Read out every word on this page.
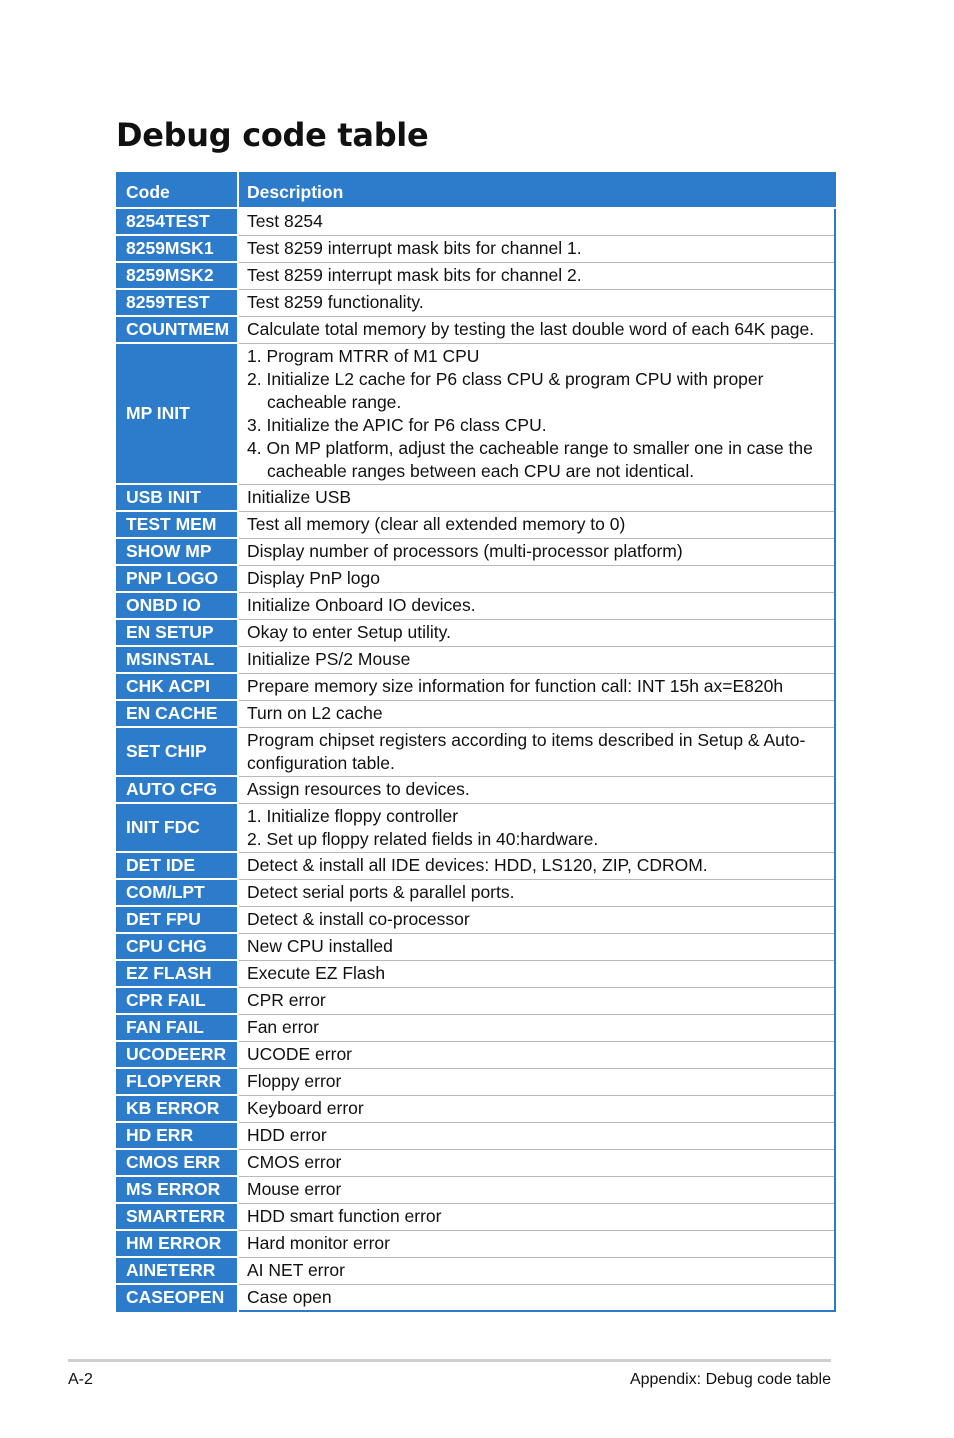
Debug code table
Code	Description
8254TEST	Test 8254
8259MSK1	Test 8259 interrupt mask bits for channel 1.
8259MSK2	Test 8259 interrupt mask bits for channel 2.
8259TEST	Test 8259 functionality.
COUNTMEM	Calculate total memory by testing the last double word of each 64K page.
MP INIT	1. Program MTRR of M1 CPU
2. Initialize L2 cache for P6 class CPU & program CPU with proper cacheable range.
3. Initialize the APIC for P6 class CPU.
4. On MP platform, adjust the cacheable range to smaller one in case the cacheable ranges between each CPU are not identical.

USB INIT	Initialize USB
TEST MEM	Test all memory (clear all extended memory to 0)
SHOW MP	Display number of processors (multi-processor platform)
PNP LOGO	Display PnP logo
ONBD IO	Initialize Onboard IO devices.
EN SETUP	Okay to enter Setup utility.
MSINSTAL	Initialize PS/2 Mouse
CHK ACPI	Prepare memory size information for function call: INT 15h ax=E820h
EN CACHE	Turn on L2 cache
SET CHIP	Program chipset registers according to items described in Setup & Auto-configuration table.
AUTO CFG	Assign resources to devices.
INIT FDC	1. Initialize floppy controller
2. Set up floppy related fields in 40:hardware.

DET IDE	Detect & install all IDE devices: HDD, LS120, ZIP, CDROM.
COM/LPT	Detect serial ports & parallel ports.
DET FPU	Detect & install co-processor
CPU CHG	New CPU installed
EZ FLASH	Execute EZ Flash
CPR FAIL	CPR error
FAN FAIL	Fan error
UCODEERR	UCODE error
FLOPYERR	Floppy error
KB ERROR	Keyboard error
HD ERR	HDD error
CMOS ERR	CMOS error
MS ERROR	Mouse error
SMARTERR	HDD smart function error
HM ERROR	Hard monitor error
AINETERR	AI NET error
CASEOPEN	Case open
A-2	Appendix: Debug code table
